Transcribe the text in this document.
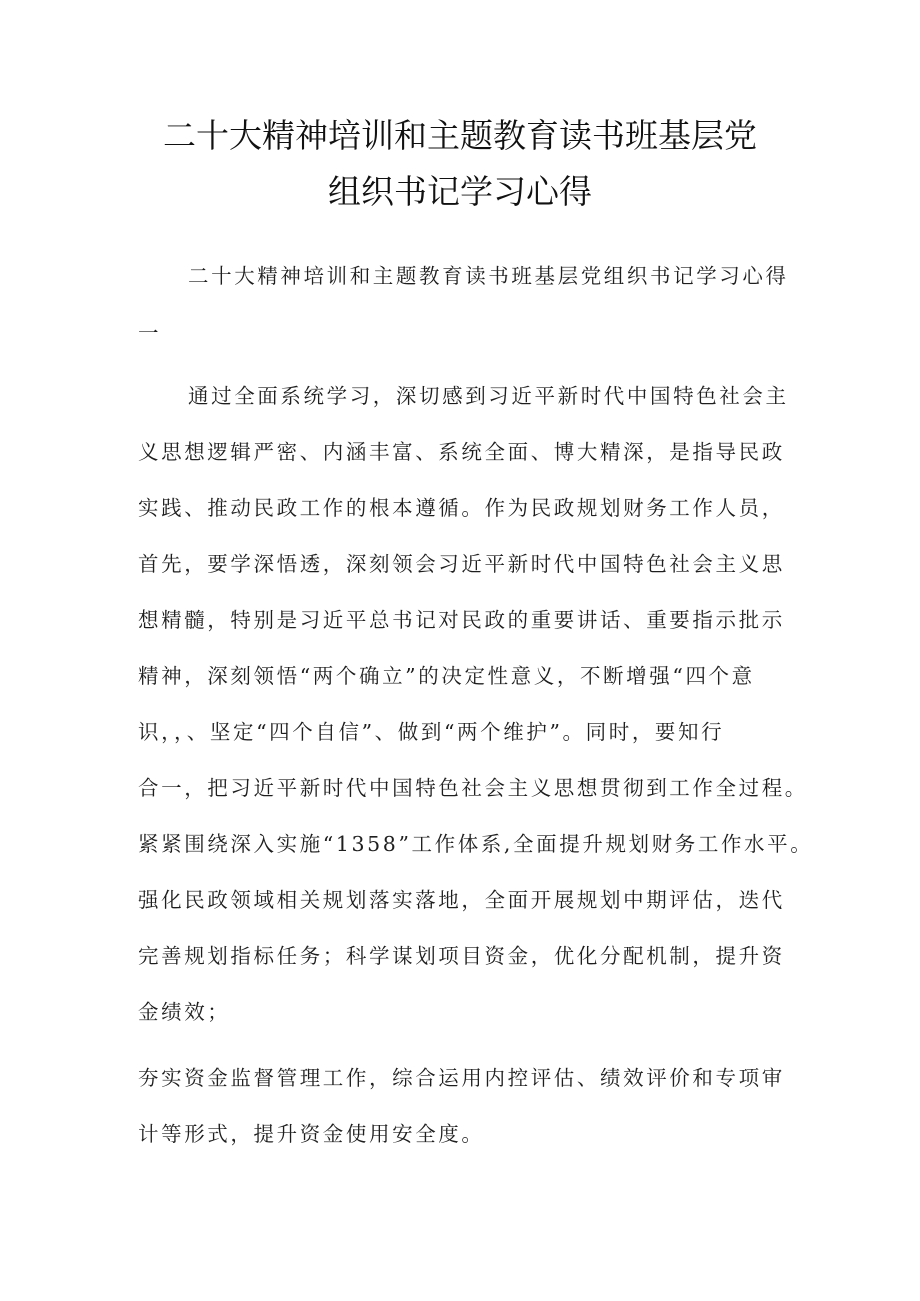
二十大精神培训和主题教育读书班基层党
组织书记学习心得

二十大精神培训和主题教育读书班基层党组织书记学习心得
一

通过全面系统学习，深切感到习近平新时代中国特色社会主
义思想逻辑严密、内涵丰富、系统全面、博大精深，是指导民政
实践、推动民政工作的根本遵循。作为民政规划财务工作人员，
首先，要学深悟透，深刻领会习近平新时代中国特色社会主义思
想精髓，特别是习近平总书记对民政的重要讲话、重要指示批示
精神，深刻领悟“两个确立”的决定性意义，不断增强“四个意
识，，、坚定“四个自信”、做到“两个维护”。同时，要知行
合一，把习近平新时代中国特色社会主义思想贯彻到工作全过程。
紧紧围绕深入实施“1358”工作体系,全面提升规划财务工作水平。
强化民政领域相关规划落实落地，全面开展规划中期评估，迭代
完善规划指标任务；科学谋划项目资金，优化分配机制，提升资
金绩效；
夯实资金监督管理工作，综合运用内控评估、绩效评价和专项审
计等形式，提升资金使用安全度。
